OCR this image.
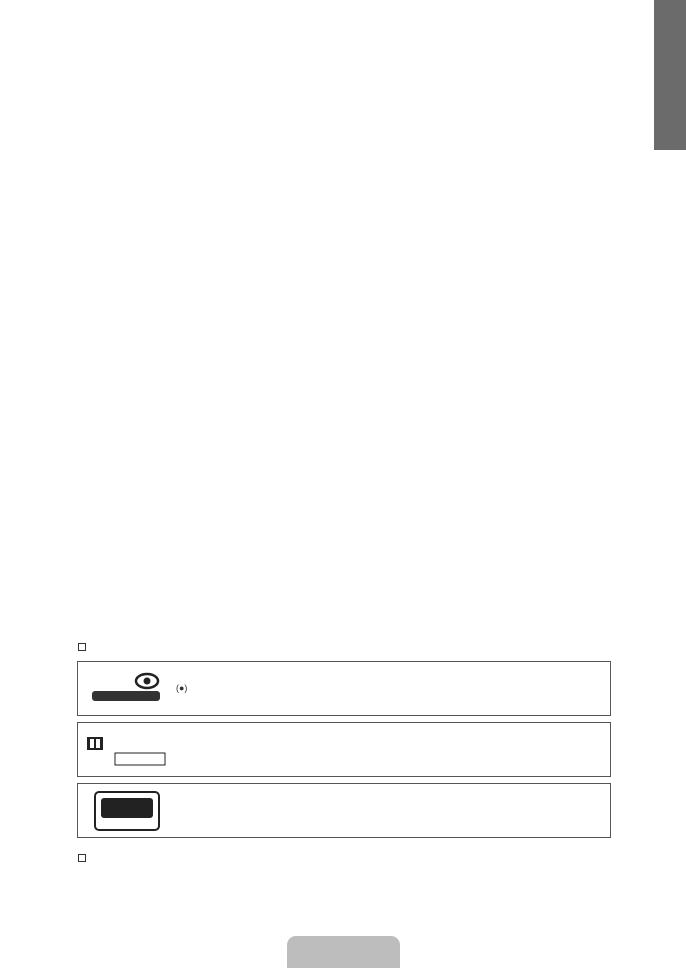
(●)
